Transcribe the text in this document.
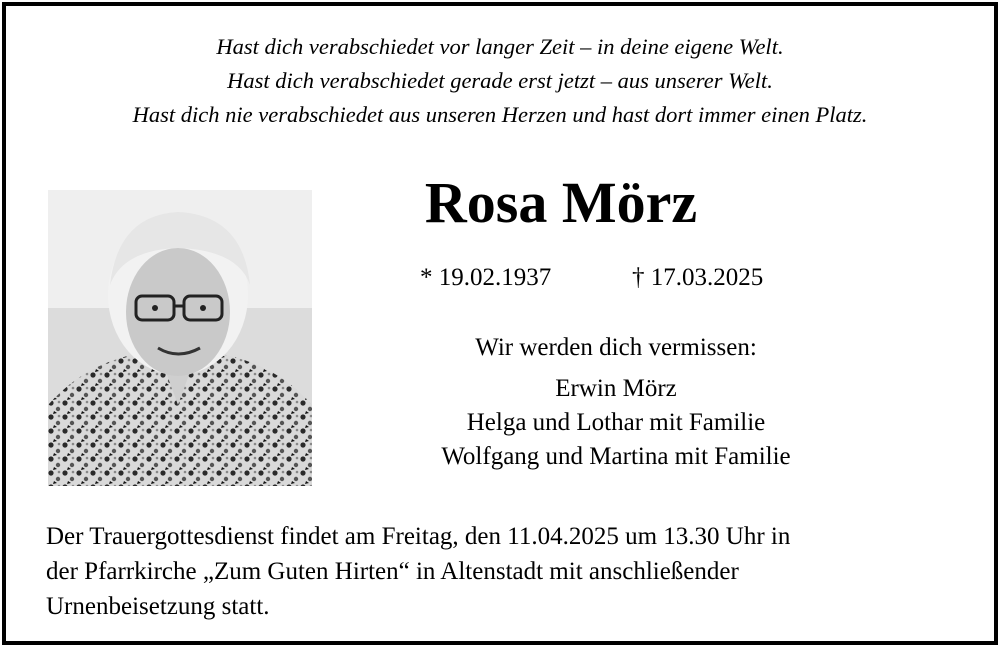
Hast dich verabschiedet vor langer Zeit – in deine eigene Welt.
Hast dich verabschiedet gerade erst jetzt – aus unserer Welt.
Hast dich nie verabschiedet aus unseren Herzen und hast dort immer einen Platz.
Rosa Mörz
* 19.02.1937	† 17.03.2025
Wir werden dich vermissen:
Erwin Mörz
Helga und Lothar mit Familie
Wolfgang und Martina mit Familie
Der Trauergottesdienst findet am Freitag, den 11.04.2025 um 13.30 Uhr in
der Pfarrkirche „Zum Guten Hirten“ in Altenstadt mit anschließender
Urnenbeisetzung statt.
